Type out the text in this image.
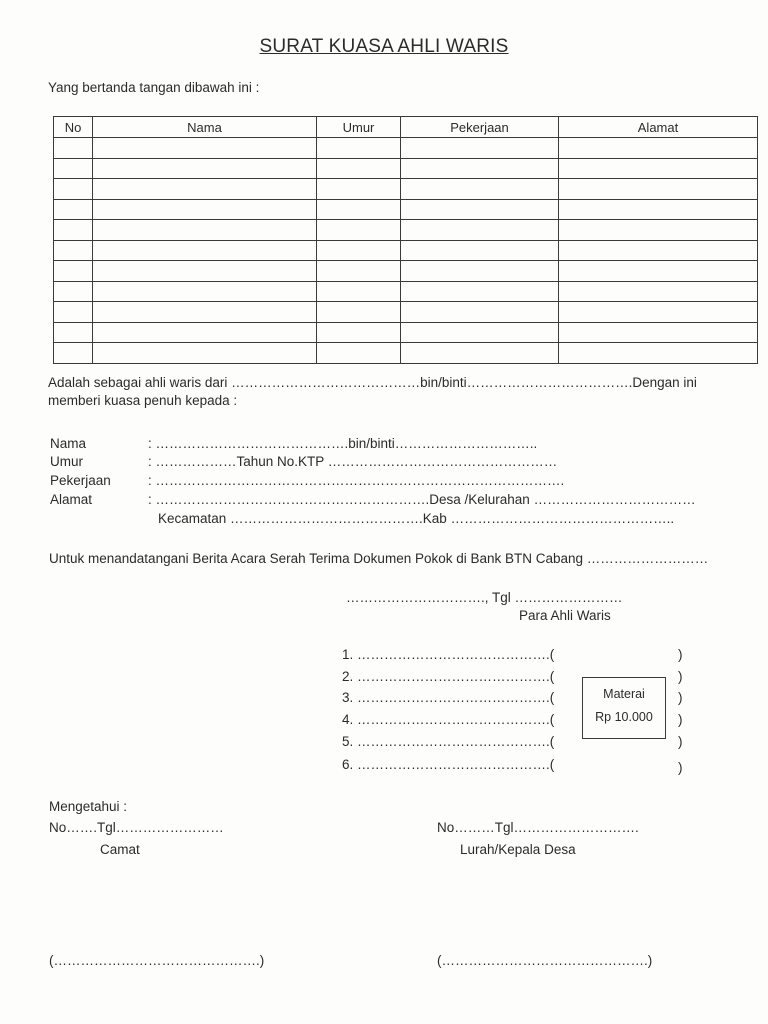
SURAT KUASA AHLI WARIS
Yang bertanda tangan dibawah ini :
No	Nama	Umur	Pekerjaan	Alamat

Adalah sebagai ahli waris dari ……………………………………bin/binti……………………………….Dengan ini
memberi kuasa penuh kepada :
Nama	: …………………………………….bin/binti…………………………..
Umur	: ………………Tahun No.KTP ……………………………………………
Pekerjaan	: ……………………………………………………………………………….
Alamat	: …………………………………………………….Desa /Kelurahan ………………………………
Kecamatan …………………………………….Kab …………………………………………..
Untuk menandatangani Berita Acara Serah Terima Dokumen Pokok di Bank BTN Cabang ………………………
…………………………., Tgl ……………………
Para Ahli Waris
1. …………………………………….(
2. …………………………………….(
3. …………………………………….(
4. …………………………………….(
5. …………………………………….(
6. …………………………………….(
)
)
)
)
)
)
Materai
Rp 10.000
Mengetahui :
No…….Tgl……………………
Camat
(……………………………………….)
No………Tgl……………………….
Lurah/Kepala Desa
(……………………………………….)
